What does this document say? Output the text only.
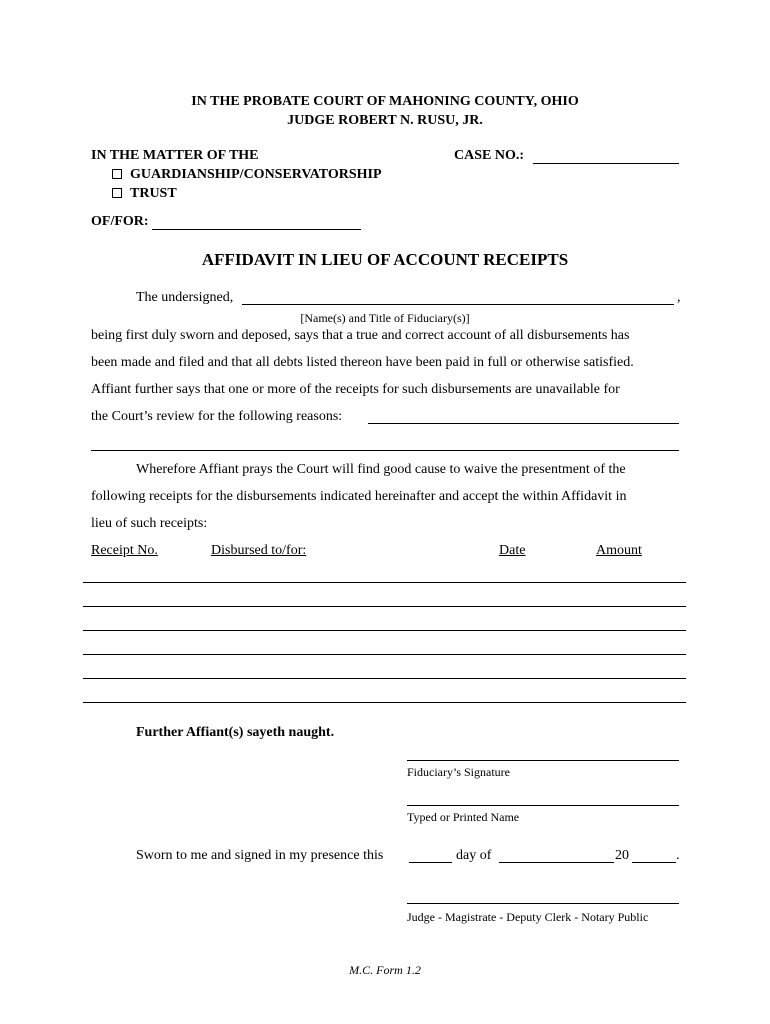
IN THE PROBATE COURT OF MAHONING COUNTY, OHIO
JUDGE ROBERT N. RUSU, JR.
IN THE MATTER OF THE
GUARDIANSHIP/CONSERVATORSHIP
TRUST
CASE NO.:
OF/FOR:
AFFIDAVIT IN LIEU OF ACCOUNT RECEIPTS
The undersigned,	,
[Name(s) and Title of Fiduciary(s)]
being first duly sworn and deposed, says that a true and correct account of all disbursements has
been made and filed and that all debts listed thereon have been paid in full or otherwise satisfied.
Affiant further says that one or more of the receipts for such disbursements are unavailable for
the Court’s review for the following reasons:
Wherefore Affiant prays the Court will find good cause to waive the presentment of the
following receipts for the disbursements indicated hereinafter and accept the within Affidavit in
lieu of such receipts:
Receipt No.	Disbursed to/for:	Date	Amount
Further Affiant(s) sayeth naught.
Fiduciary’s Signature
Typed or Printed Name
Sworn to me and signed in my presence this	day of	20	.
Judge - Magistrate - Deputy Clerk - Notary Public
M.C. Form 1.2
